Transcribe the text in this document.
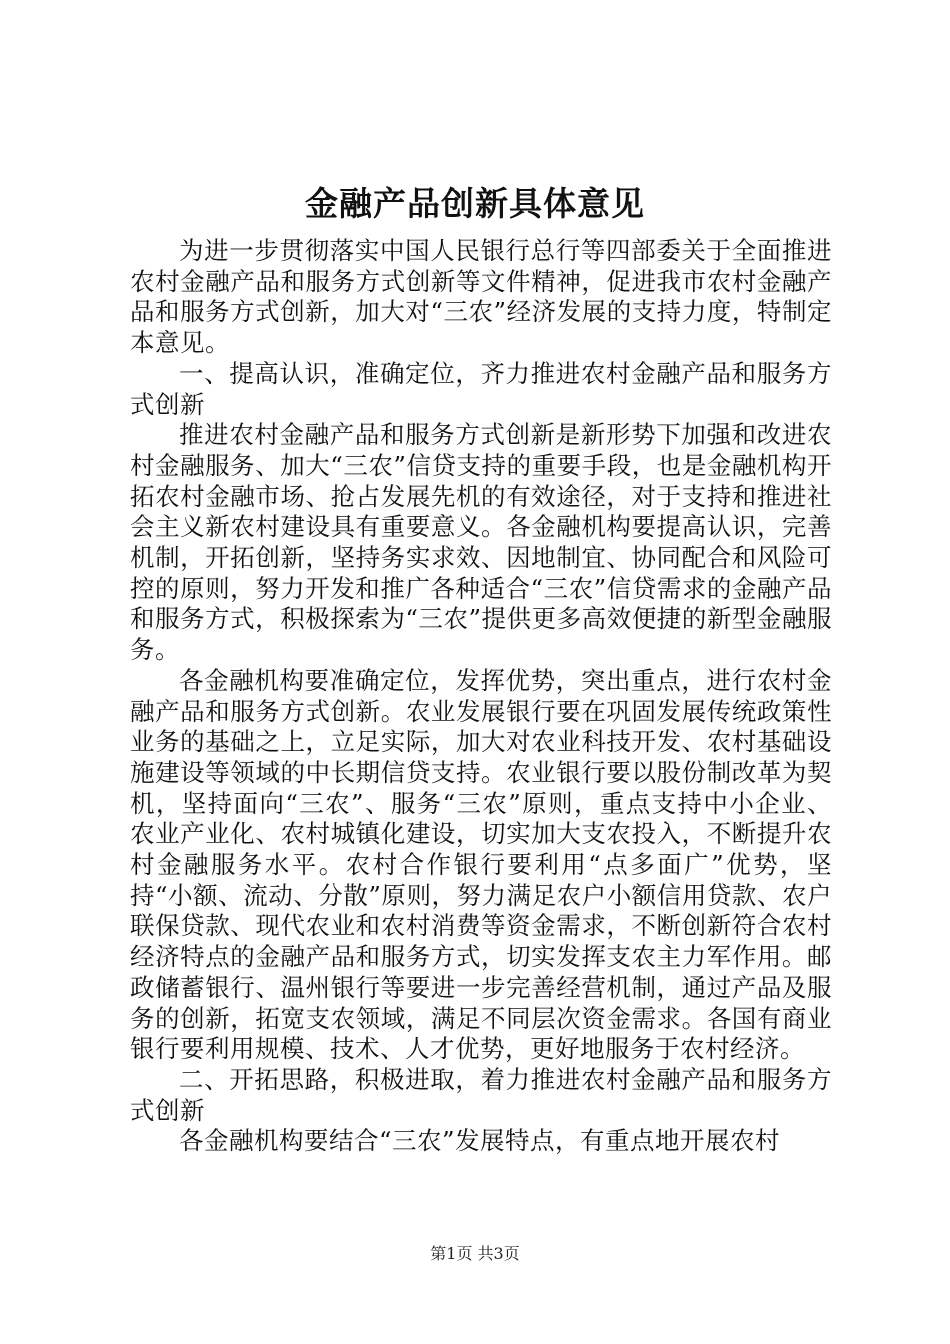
金融产品创新具体意见

为进一步贯彻落实中国人民银行总行等四部委关于全面推进农村金融产品和服务方式创新等文件精神，促进我市农村金融产品和服务方式创新，加大对“三农”经济发展的支持力度，特制定本意见。

一、提高认识，准确定位，齐力推进农村金融产品和服务方式创新

推进农村金融产品和服务方式创新是新形势下加强和改进农村金融服务、加大“三农”信贷支持的重要手段，也是金融机构开拓农村金融市场、抢占发展先机的有效途径，对于支持和推进社会主义新农村建设具有重要意义。各金融机构要提高认识，完善机制，开拓创新，坚持务实求效、因地制宜、协同配合和风险可控的原则，努力开发和推广各种适合“三农”信贷需求的金融产品和服务方式，积极探索为“三农”提供更多高效便捷的新型金融服务。

各金融机构要准确定位，发挥优势，突出重点，进行农村金融产品和服务方式创新。农业发展银行要在巩固发展传统政策性业务的基础之上，立足实际，加大对农业科技开发、农村基础设施建设等领域的中长期信贷支持。农业银行要以股份制改革为契机，坚持面向“三农”、服务“三农”原则，重点支持中小企业、农业产业化、农村城镇化建设，切实加大支农投入，不断提升农村金融服务水平。农村合作银行要利用“点多面广”优势，坚持“小额、流动、分散”原则，努力满足农户小额信用贷款、农户联保贷款、现代农业和农村消费等资金需求，不断创新符合农村经济特点的金融产品和服务方式，切实发挥支农主力军作用。邮政储蓄银行、温州银行等要进一步完善经营机制，通过产品及服务的创新，拓宽支农领域，满足不同层次资金需求。各国有商业银行要利用规模、技术、人才优势，更好地服务于农村经济。

二、开拓思路，积极进取，着力推进农村金融产品和服务方式创新

各金融机构要结合“三农”发展特点，有重点地开展农村

第1页 共3页
